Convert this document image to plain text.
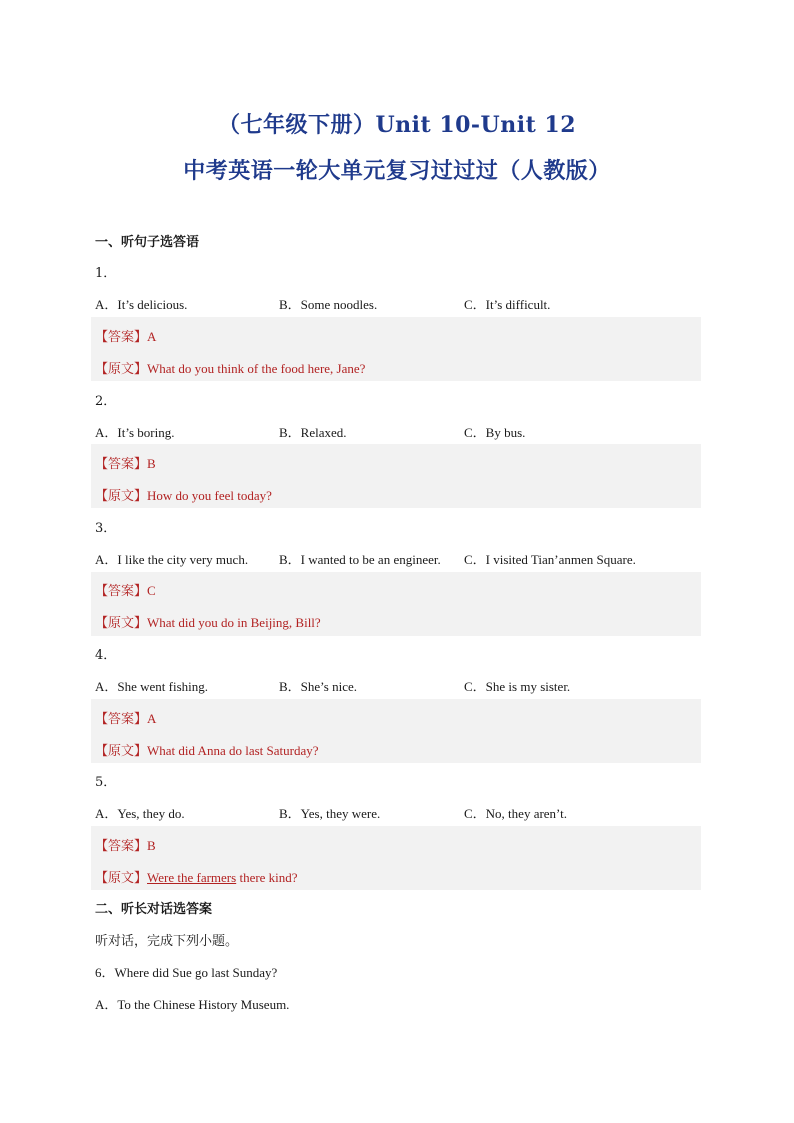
（七年级下册）Unit 10-Unit 12
中考英语一轮大单元复习过过过（人教版）
一、听句子选答语
1．
A．It’s delicious.	B．Some noodles.	C．It’s difficult.
【答案】A
【原文】What do you think of the food here, Jane?
2．
A．It’s boring.	B．Relaxed.	C．By bus.
【答案】B
【原文】How do you feel today?
3．
A．I like the city very much. B．I wanted to be an engineer. C．I visited Tian’anmen Square.
【答案】C
【原文】What did you do in Beijing, Bill?
4．
A．She went fishing.	B．She’s nice.	C．She is my sister.
【答案】A
【原文】What did Anna do last Saturday?
5．
A．Yes, they do.	B．Yes, they were.	C．No, they aren’t.
【答案】B
【原文】Were the farmers there kind?
二、听长对话选答案
听对话，完成下列小题。
6．Where did Sue go last Sunday?
A．To the Chinese History Museum.
